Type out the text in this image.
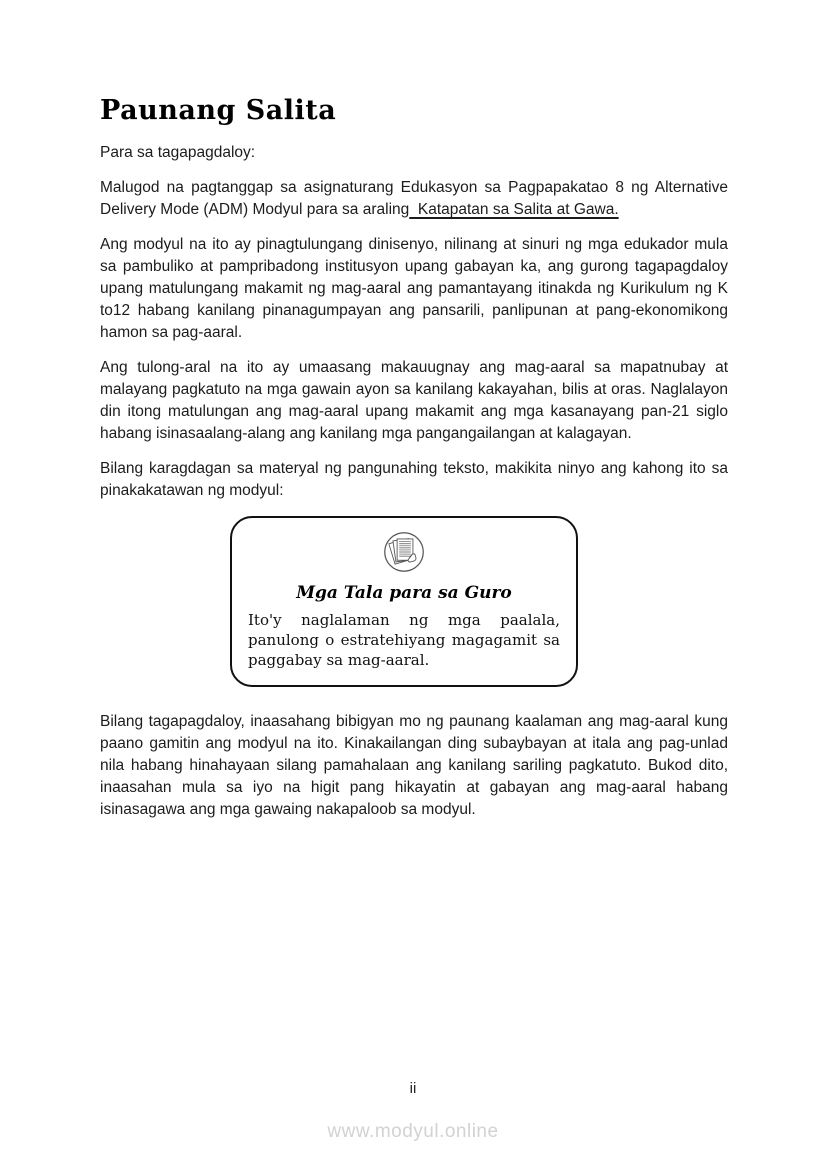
Paunang Salita

Para sa tagapagdaloy:

Malugod na pagtanggap sa asignaturang Edukasyon sa Pagpapakatao 8 ng Alternative Delivery Mode (ADM) Modyul para sa araling  Katapatan sa Salita at Gawa.

Ang modyul na ito ay pinagtulungang dinisenyo, nilinang at sinuri ng mga edukador mula sa pambuliko at pampribadong institusyon upang gabayan ka, ang gurong tagapagdaloy upang matulungang makamit ng mag-aaral ang pamantayang itinakda ng Kurikulum ng K to12 habang kanilang pinanagumpayan ang pansarili, panlipunan at pang-ekonomikong hamon sa pag-aaral.

Ang tulong-aral na ito ay umaasang makauugnay ang mag-aaral sa mapatnubay at malayang pagkatuto na mga gawain ayon sa kanilang kakayahan, bilis at oras. Naglalayon din itong matulungan ang mag-aaral upang makamit ang mga kasanayang pan-21 siglo habang isinasaalang-alang ang kanilang mga pangangailangan at kalagayan.

Bilang karagdagan sa materyal ng pangunahing teksto, makikita ninyo ang kahong ito sa pinakakatawan ng modyul:

Mga Tala para sa Guro

Ito'y naglalaman ng mga paalala, panulong o estratehiyang magagamit sa paggabay sa mag-aaral.

Bilang tagapagdaloy, inaasahang bibigyan mo ng paunang kaalaman ang mag-aaral kung paano gamitin ang modyul na ito. Kinakailangan ding subaybayan at itala ang pag-unlad nila habang hinahayaan silang pamahalaan ang kanilang sariling pagkatuto. Bukod dito, inaasahan mula sa iyo na higit pang hikayatin at gabayan ang mag-aaral habang isinasagawa ang mga gawaing nakapaloob sa modyul.

ii
www.modyul.online
